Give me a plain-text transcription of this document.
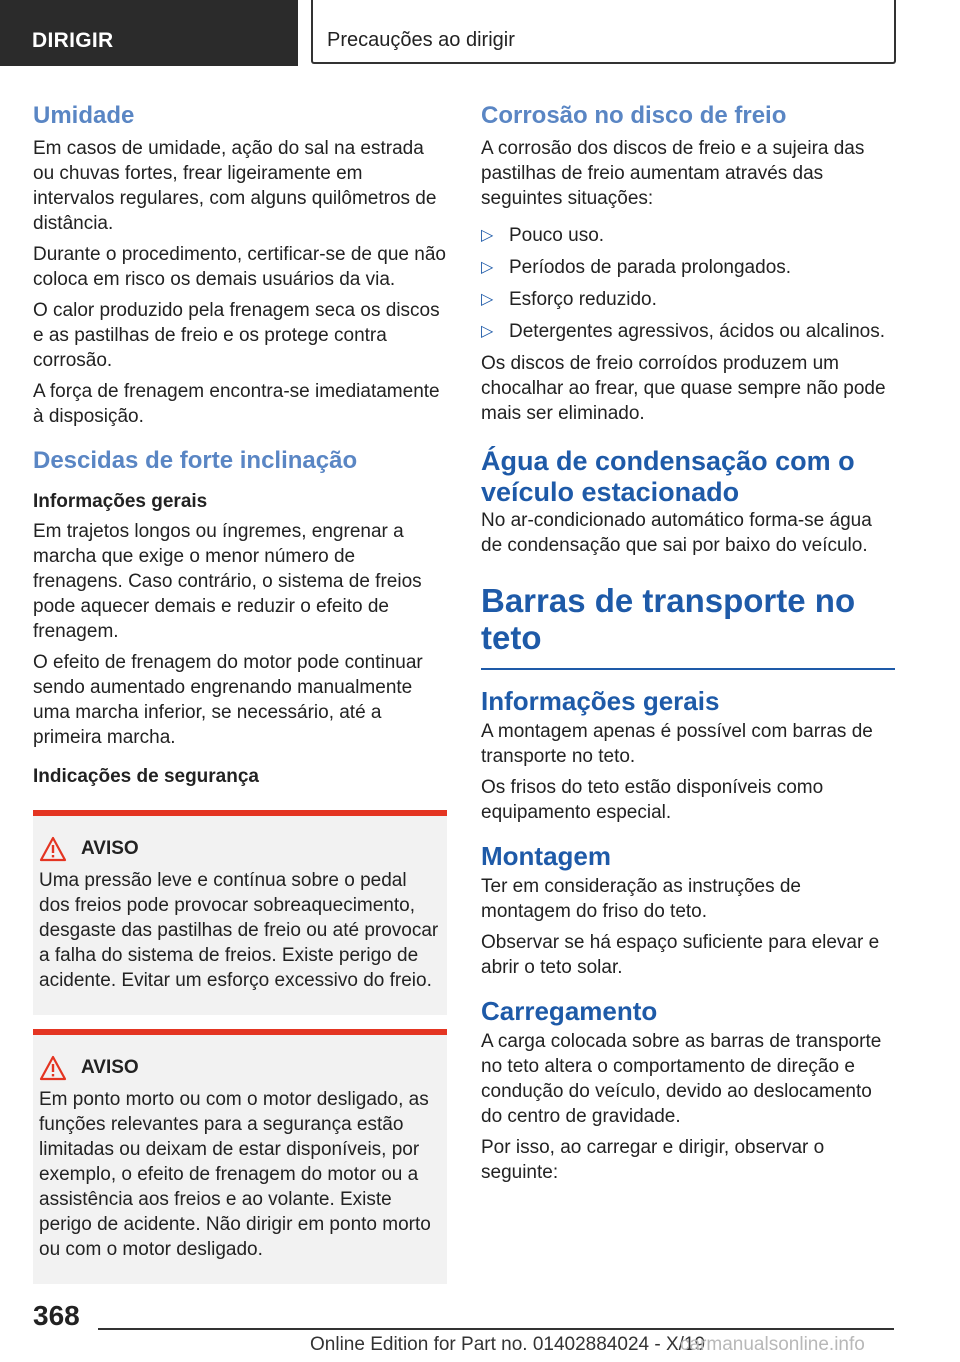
DIRIGIR	Precauções ao dirigir
Umidade

Em casos de umidade, ação do sal na estrada ou chuvas fortes, frear ligeiramente em intervalos regulares, com alguns quilômetros de distância.

Durante o procedimento, certificar-se de que não coloca em risco os demais usuários da via.

O calor produzido pela frenagem seca os discos e as pastilhas de freio e os protege contra corrosão.

A força de frenagem encontra-se imediatamente à disposição.

Descidas de forte inclinação
Informações gerais

Em trajetos longos ou íngremes, engrenar a marcha que exige o menor número de frenagens. Caso contrário, o sistema de freios pode aquecer demais e reduzir o efeito de frenagem.

O efeito de frenagem do motor pode continuar sendo aumentado engrenando manualmente uma marcha inferior, se necessário, até a primeira marcha.

Indicações de segurança
AVISO

Uma pressão leve e contínua sobre o pedal dos freios pode provocar sobreaquecimento, desgaste das pastilhas de freio ou até provocar a falha do sistema de freios. Existe perigo de acidente. Evitar um esforço excessivo do freio.

AVISO

Em ponto morto ou com o motor desligado, as funções relevantes para a segurança estão limitadas ou deixam de estar disponíveis, por exemplo, o efeito de frenagem do motor ou a assistência aos freios e ao volante. Existe perigo de acidente. Não dirigir em ponto morto ou com o motor desligado.

Corrosão no disco de freio

A corrosão dos discos de freio e a sujeira das pastilhas de freio aumentam através das seguintes situações:

▷ Pouco uso.
▷ Períodos de parada prolongados.
▷ Esforço reduzido.
▷ Detergentes agressivos, ácidos ou alcalinos.

Os discos de freio corroídos produzem um chocalhar ao frear, que quase sempre não pode mais ser eliminado.

Água de condensação com o veículo estacionado

No ar-condicionado automático forma-se água de condensação que sai por baixo do veículo.

Barras de transporte no teto
Informações gerais

A montagem apenas é possível com barras de transporte no teto.

Os frisos do teto estão disponíveis como equipamento especial.

Montagem

Ter em consideração as instruções de montagem do friso do teto.

Observar se há espaço suficiente para elevar e abrir o teto solar.

Carregamento

A carga colocada sobre as barras de transporte no teto altera o comportamento de direção e condução do veículo, devido ao deslocamento do centro de gravidade.

Por isso, ao carregar e dirigir, observar o seguinte:

368
Online Edition for Part no. 01402884024 - X/19
carmanualsonline.info
